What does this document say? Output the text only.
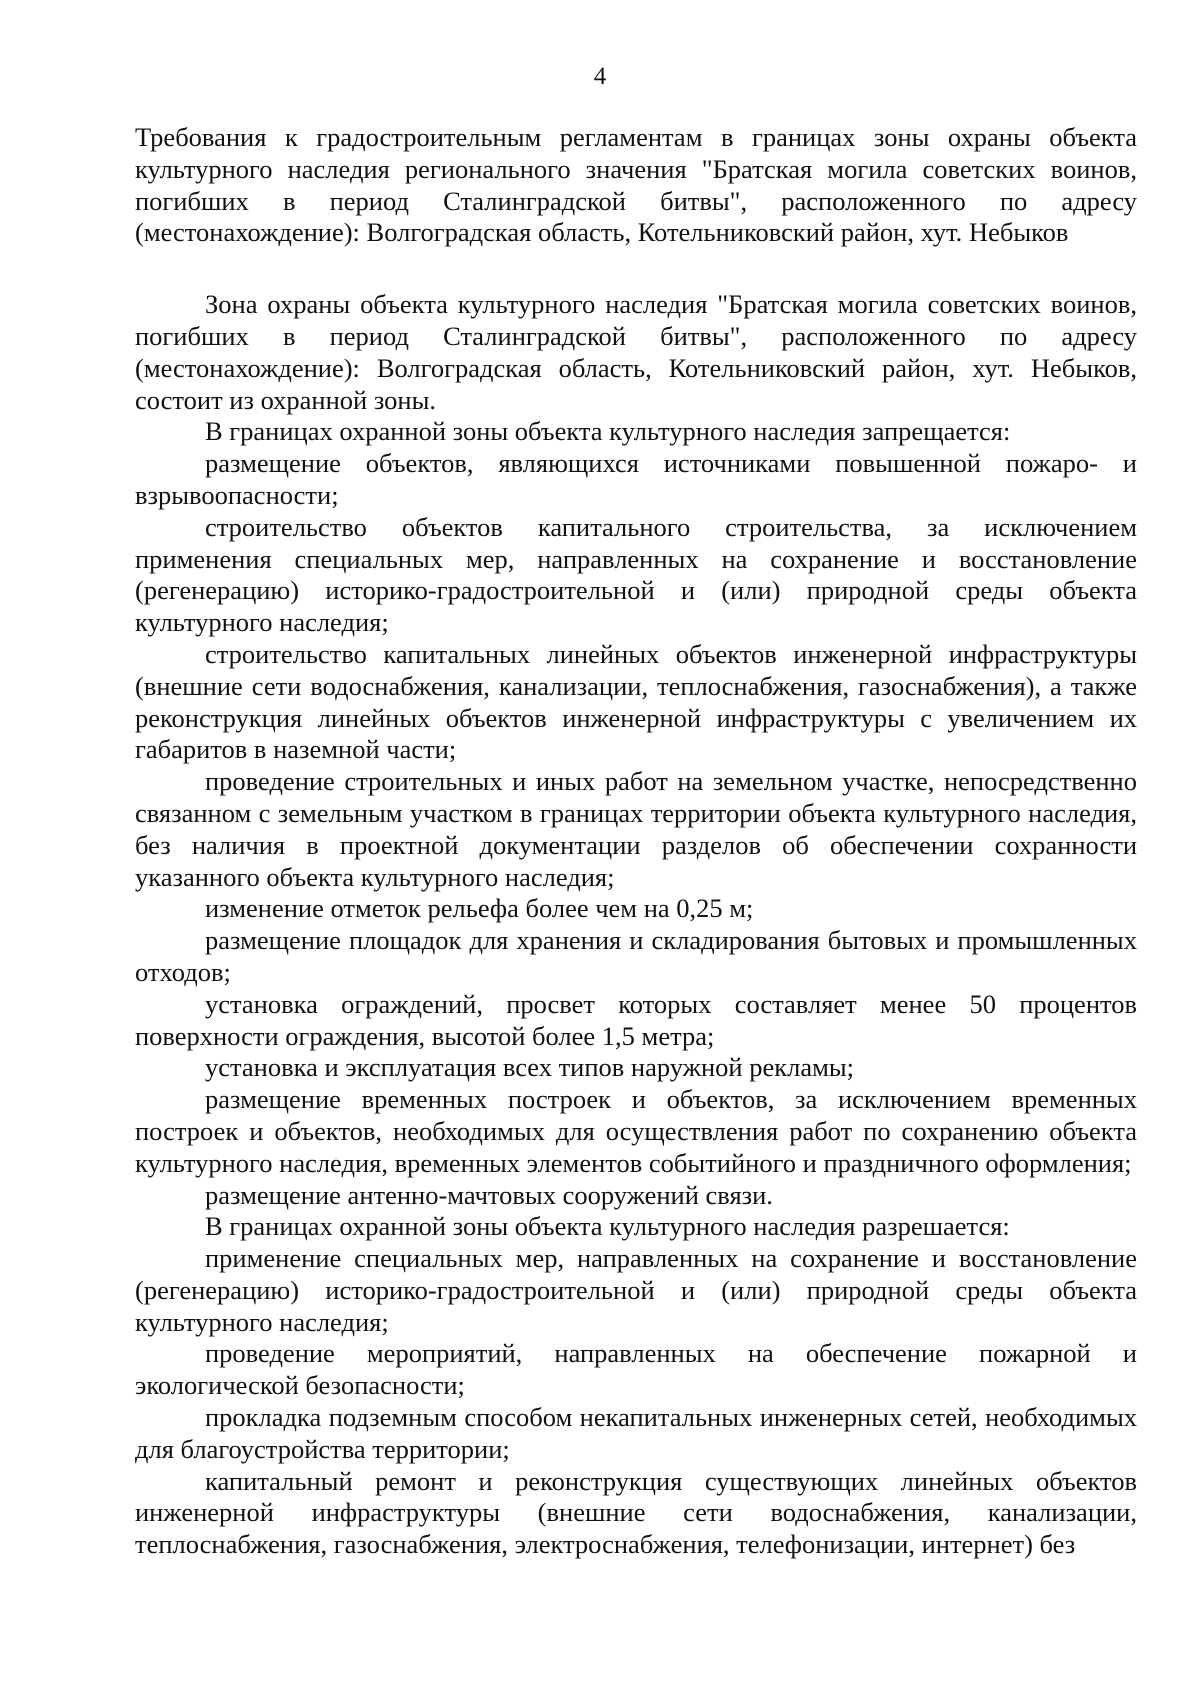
4

Требования к градостроительным регламентам в границах зоны охраны объекта культурного наследия регионального значения "Братская могила советских воинов, погибших в период Сталинградской битвы", расположенного по адресу (местонахождение): Волгоградская область, Котельниковский район, хут. Небыков

Зона охраны объекта культурного наследия "Братская могила советских воинов, погибших в период Сталинградской битвы", расположенного по адресу (местонахождение): Волгоградская область, Котельниковский район, хут. Небыков, состоит из охранной зоны.

В границах охранной зоны объекта культурного наследия запрещается:

размещение объектов, являющихся источниками повышенной пожаро- и взрывоопасности;

строительство объектов капитального строительства, за исключением применения специальных мер, направленных на сохранение и восстановление (регенерацию) историко-градостроительной и (или) природной среды объекта культурного наследия;

строительство капитальных линейных объектов инженерной инфраструктуры (внешние сети водоснабжения, канализации, теплоснабжения, газоснабжения), а также реконструкция линейных объектов инженерной инфраструктуры с увеличением их габаритов в наземной части;

проведение строительных и иных работ на земельном участке, непосредственно связанном с земельным участком в границах территории объекта культурного наследия, без наличия в проектной документации разделов об обеспечении сохранности указанного объекта культурного наследия;

изменение отметок рельефа более чем на 0,25 м;

размещение площадок для хранения и складирования бытовых и промышленных отходов;

установка ограждений, просвет которых составляет менее 50 процентов поверхности ограждения, высотой более 1,5 метра;

установка и эксплуатация всех типов наружной рекламы;

размещение временных построек и объектов, за исключением временных построек и объектов, необходимых для осуществления работ по сохранению объекта культурного наследия, временных элементов событийного и праздничного оформления;

размещение антенно-мачтовых сооружений связи.

В границах охранной зоны объекта культурного наследия разрешается:

применение специальных мер, направленных на сохранение и восстановление (регенерацию) историко-градостроительной и (или) природной среды объекта культурного наследия;

проведение мероприятий, направленных на обеспечение пожарной и экологической безопасности;

прокладка подземным способом некапитальных инженерных сетей, необходимых для благоустройства территории;

капитальный ремонт и реконструкция существующих линейных объектов инженерной инфраструктуры (внешние сети водоснабжения, канализации, теплоснабжения, газоснабжения, электроснабжения, телефонизации, интернет) без
